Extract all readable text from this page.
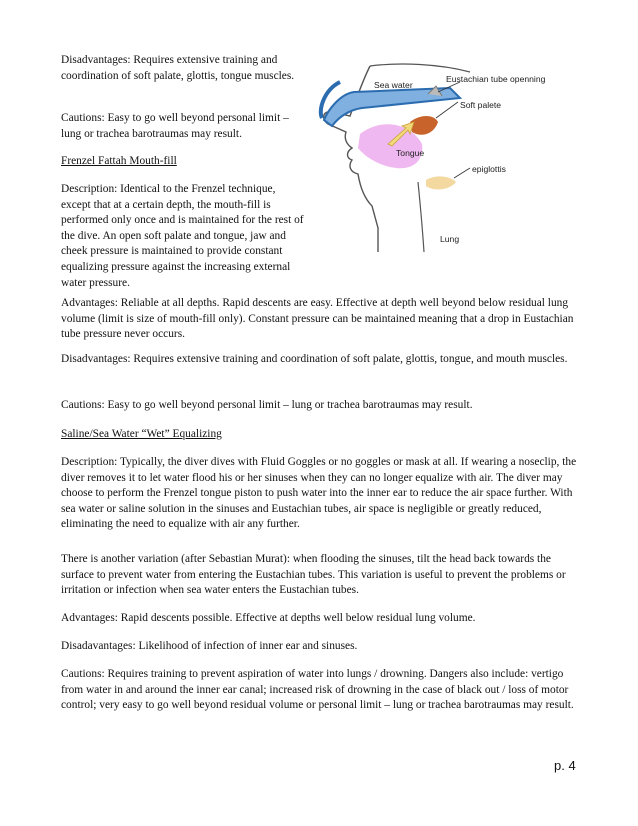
Disadvantages: Requires extensive training and coordination of soft palate, glottis, tongue muscles.

Cautions: Easy to go well beyond personal limit – lung or trachea barotraumas may result.

Frenzel Fattah Mouth-fill

Description: Identical to the Frenzel technique, except that at a certain depth, the mouth-fill is performed only once and is maintained for the rest of the dive. An open soft palate and tongue, jaw and cheek pressure is maintained to provide constant equalizing pressure against the increasing external water pressure.

Sea water
Eustachian tube openning
Soft palete
Tongue
epiglottis
Lung

Advantages: Reliable at all depths. Rapid descents are easy. Effective at depth well beyond below residual lung volume (limit is size of mouth-fill only). Constant pressure can be maintained meaning that a drop in Eustachian tube pressure never occurs.

Disadvantages: Requires extensive training and coordination of soft palate, glottis, tongue, and mouth muscles.

Cautions: Easy to go well beyond personal limit – lung or trachea barotraumas may result.

Saline/Sea Water “Wet” Equalizing

Description: Typically, the diver dives with Fluid Goggles or no goggles or mask at all. If wearing a noseclip, the diver removes it to let water flood his or her sinuses when they can no longer equalize with air. The diver may choose to perform the Frenzel tongue piston to push water into the inner ear to reduce the air space further. With sea water or saline solution in the sinuses and Eustachian tubes, air space is negligible or greatly reduced, eliminating the need to equalize with air any further.

There is another variation (after Sebastian Murat): when flooding the sinuses, tilt the head back towards the surface to prevent water from entering the Eustachian tubes. This variation is useful to prevent the problems or irritation or infection when sea water enters the Eustachian tubes.

Advantages: Rapid descents possible. Effective at depths well below residual lung volume.

Disadavantages: Likelihood of infection of inner ear and sinuses.

Cautions: Requires training to prevent aspiration of water into lungs / drowning. Dangers also include: vertigo from water in and around the inner ear canal; increased risk of drowning in the case of black out / loss of motor control; very easy to go well beyond residual volume or personal limit – lung or trachea barotraumas may result.

p. 4
